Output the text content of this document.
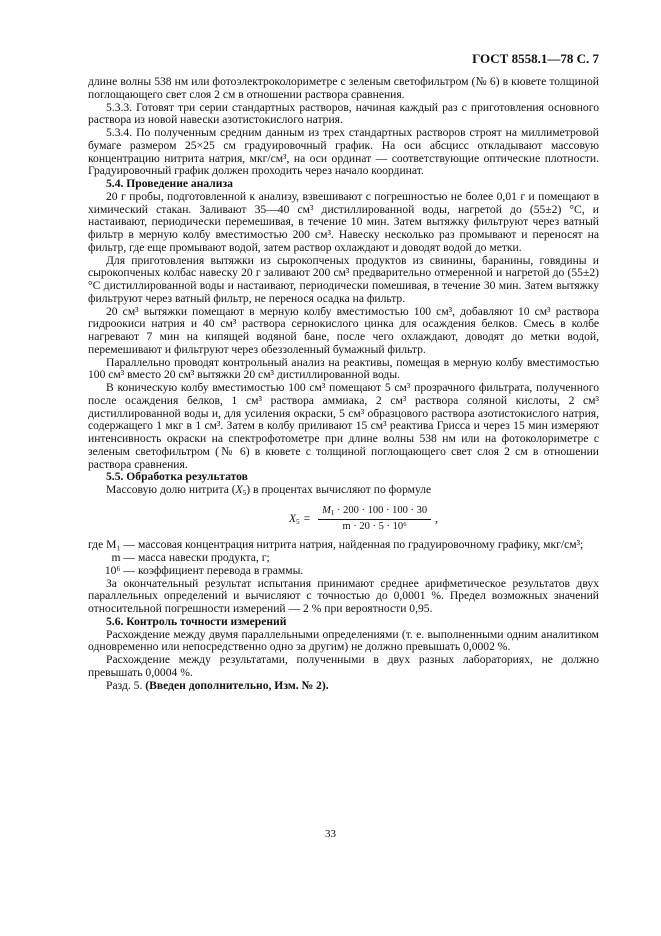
ГОСТ 8558.1—78 С. 7

длине волны 538 нм или фотоэлектроколориметре с зеленым светофильтром (№ 6) в кювете толщиной поглощающего свет слоя 2 см в отношении раствора сравнения.

5.3.3. Готовят три серии стандартных растворов, начиная каждый раз с приготовления основного раствора из новой навески азотистокислого натрия.

5.3.4. По полученным средним данным из трех стандартных растворов строят на миллиметровой бумаге размером 25×25 см градуировочный график. На оси абсцисс откладывают массовую концентрацию нитрита натрия, мкг/см³, на оси ординат — соответствующие оптические плотности. Градуировочный график должен проходить через начало координат.

5.4. Проведение анализа

20 г пробы, подготовленной к анализу, взвешивают с погрешностью не более 0,01 г и помещают в химический стакан. Заливают 35—40 см³ дистиллированной воды, нагретой до (55±2) °С, и настаивают, периодически перемешивая, в течение 10 мин. Затем вытяжку фильтруют через ватный фильтр в мерную колбу вместимостью 200 см³. Навеску несколько раз промывают и переносят на фильтр, где еще промывают водой, затем раствор охлаждают и доводят водой до метки.

Для приготовления вытяжки из сырокопченых продуктов из свинины, баранины, говядины и сырокопченых колбас навеску 20 г заливают 200 см³ предварительно отмеренной и нагретой до (55±2) °С дистиллированной воды и настаивают, периодически помешивая, в течение 30 мин. Затем вытяжку фильтруют через ватный фильтр, не перенося осадка на фильтр.

20 см³ вытяжки помещают в мерную колбу вместимостью 100 см³, добавляют 10 см³ раствора гидроокиси натрия и 40 см³ раствора сернокислого цинка для осаждения белков. Смесь в колбе нагревают 7 мин на кипящей водяной бане, после чего охлаждают, доводят до метки водой, перемешивают и фильтруют через обеззоленный бумажный фильтр.

Параллельно проводят контрольный анализ на реактивы, помещая в мерную колбу вместимостью 100 см³ вместо 20 см³ вытяжки 20 см³ дистиллированной воды.

В коническую колбу вместимостью 100 см³ помещают 5 см³ прозрачного фильтрата, полученного после осаждения белков, 1 см³ раствора аммиака, 2 см³ раствора соляной кислоты, 2 см³ дистиллированной воды и, для усиления окраски, 5 см³ образцового раствора азотистокислого натрия, содержащего 1 мкг в 1 см³. Затем в колбу приливают 15 см³ реактива Грисса и через 15 мин измеряют интенсивность окраски на спектрофотометре при длине волны 538 нм или на фотоколориметре с зеленым светофильтром (№ 6) в кювете с толщиной поглощающего свет слоя 2 см в отношении раствора сравнения.

5.5. Обработка результатов

Массовую долю нитрита $(X_5)$ в процентах вычисляют по формуле

$X_5 = \frac{M_1 \cdot 200 \cdot 100 \cdot 100 \cdot 30}{\text{m · 20 · 5 · 10⁶}}$ ,
где M₁ — массовая концентрация нитрита натрия, найденная по градуировочному графику, мкг/см³;
m — масса навески продукта, г;
10⁶ — коэффициент перевода в граммы.

За окончательный результат испытания принимают среднее арифметическое результатов двух параллельных определений и вычисляют с точностью до 0,0001 %. Предел возможных значений относительной погрешности измерений — 2 % при вероятности 0,95.

5.6. Контроль точности измерений

Расхождение между двумя параллельными определениями (т. е. выполненными одним аналитиком одновременно или непосредственно одно за другим) не должно превышать 0,0002 %.

Расхождение между результатами, полученными в двух разных лабораториях, не должно превышать 0,0004 %.

Разд. 5. (Введен дополнительно, Изм. № 2).

33
